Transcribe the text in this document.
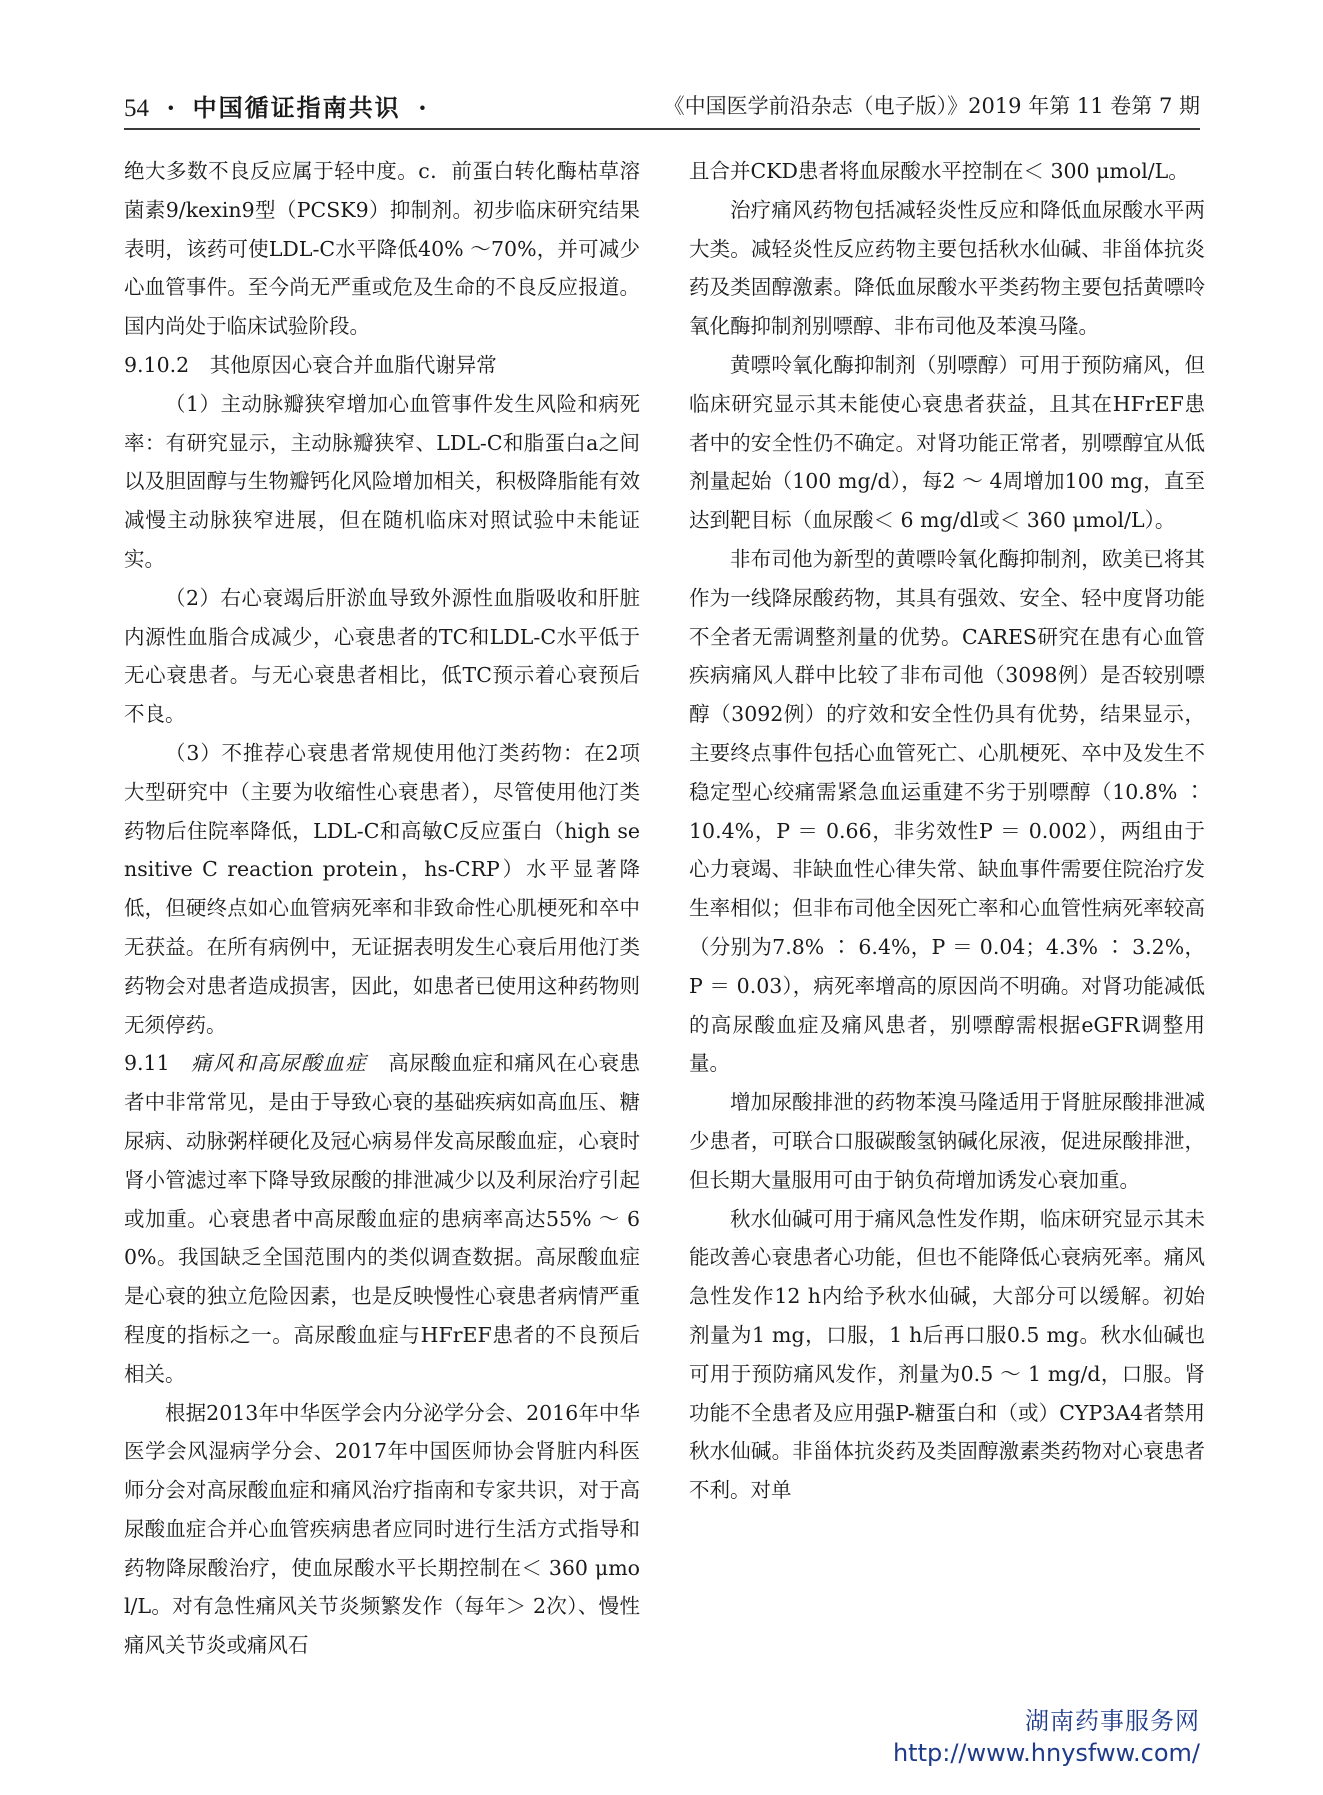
54 · 中国循证指南共识 ·	《中国医学前沿杂志（电子版）》2019 年第 11 卷第 7 期

绝大多数不良反应属于轻中度。c．前蛋白转化酶枯草溶菌素9/kexin9型（PCSK9）抑制剂。初步临床研究结果表明，该药可使LDL-C水平降低40% ～70%，并可减少心血管事件。至今尚无严重或危及生命的不良反应报道。国内尚处于临床试验阶段。

9.10.2　其他原因心衰合并血脂代谢异常

（1）主动脉瓣狭窄增加心血管事件发生风险和病死率：有研究显示，主动脉瓣狭窄、LDL-C和脂蛋白a之间以及胆固醇与生物瓣钙化风险增加相关，积极降脂能有效减慢主动脉狭窄进展，但在随机临床对照试验中未能证实。

（2）右心衰竭后肝淤血导致外源性血脂吸收和肝脏内源性血脂合成减少，心衰患者的TC和LDL-C水平低于无心衰患者。与无心衰患者相比，低TC预示着心衰预后不良。

（3）不推荐心衰患者常规使用他汀类药物：在2项大型研究中（主要为收缩性心衰患者），尽管使用他汀类药物后住院率降低，LDL-C和高敏C反应蛋白（high sensitive C reaction protein，hs-CRP）水平显著降低，但硬终点如心血管病死率和非致命性心肌梗死和卒中无获益。在所有病例中，无证据表明发生心衰后用他汀类药物会对患者造成损害，因此，如患者已使用这种药物则无须停药。

9.11　 痛风和高尿酸血症　 高尿酸血症和痛风在心衰患者中非常常见，是由于导致心衰的基础疾病如高血压、糖尿病、动脉粥样硬化及冠心病易伴发高尿酸血症，心衰时肾小管滤过率下降导致尿酸的排泄减少以及利尿治疗引起或加重。心衰患者中高尿酸血症的患病率高达55% ～ 60%。我国缺乏全国范围内的类似调查数据。高尿酸血症是心衰的独立危险因素，也是反映慢性心衰患者病情严重程度的指标之一。高尿酸血症与HFrEF患者的不良预后相关。

根据2013年中华医学会内分泌学分会、2016年中华医学会风湿病学分会、2017年中国医师协会肾脏内科医师分会对高尿酸血症和痛风治疗指南和专家共识，对于高尿酸血症合并心血管疾病患者应同时进行生活方式指导和药物降尿酸治疗，使血尿酸水平长期控制在＜ 360 μmol/L。对有急性痛风关节炎频繁发作（每年＞ 2次）、慢性痛风关节炎或痛风石

且合并CKD患者将血尿酸水平控制在＜ 300 μmol/L。

治疗痛风药物包括减轻炎性反应和降低血尿酸水平两大类。减轻炎性反应药物主要包括秋水仙碱、非甾体抗炎药及类固醇激素。降低血尿酸水平类药物主要包括黄嘌呤氧化酶抑制剂别嘌醇、非布司他及苯溴马隆。

黄嘌呤氧化酶抑制剂（别嘌醇）可用于预防痛风，但临床研究显示其未能使心衰患者获益，且其在HFrEF患者中的安全性仍不确定。对肾功能正常者，别嘌醇宜从低剂量起始（100 mg/d），每2 ～ 4周增加100 mg，直至达到靶目标（血尿酸＜ 6 mg/dl或＜ 360 μmol/L）。

非布司他为新型的黄嘌呤氧化酶抑制剂，欧美已将其作为一线降尿酸药物，其具有强效、安全、轻中度肾功能不全者无需调整剂量的优势。CARES研究在患有心血管疾病痛风人群中比较了非布司他（3098例）是否较别嘌醇（3092例）的疗效和安全性仍具有优势，结果显示，主要终点事件包括心血管死亡、心肌梗死、卒中及发生不稳定型心绞痛需紧急血运重建不劣于别嘌醇（10.8% ∶ 10.4%，P ＝ 0.66，非劣效性P ＝ 0.002），两组由于心力衰竭、非缺血性心律失常、缺血事件需要住院治疗发生率相似；但非布司他全因死亡率和心血管性病死率较高（分别为7.8% ∶ 6.4%，P ＝ 0.04；4.3% ∶ 3.2%，P ＝ 0.03），病死率增高的原因尚不明确。对肾功能减低的高尿酸血症及痛风患者，别嘌醇需根据eGFR调整用量。

增加尿酸排泄的药物苯溴马隆适用于肾脏尿酸排泄减少患者，可联合口服碳酸氢钠碱化尿液，促进尿酸排泄，但长期大量服用可由于钠负荷增加诱发心衰加重。

秋水仙碱可用于痛风急性发作期，临床研究显示其未能改善心衰患者心功能，但也不能降低心衰病死率。痛风急性发作12 h内给予秋水仙碱，大部分可以缓解。初始剂量为1 mg，口服，1 h后再口服0.5 mg。秋水仙碱也可用于预防痛风发作，剂量为0.5 ～ 1 mg/d，口服。肾功能不全患者及应用强P-糖蛋白和（或）CYP3A4者禁用秋水仙碱。非甾体抗炎药及类固醇激素类药物对心衰患者不利。对单

湖南药事服务网
http://www.hnysfww.com/
